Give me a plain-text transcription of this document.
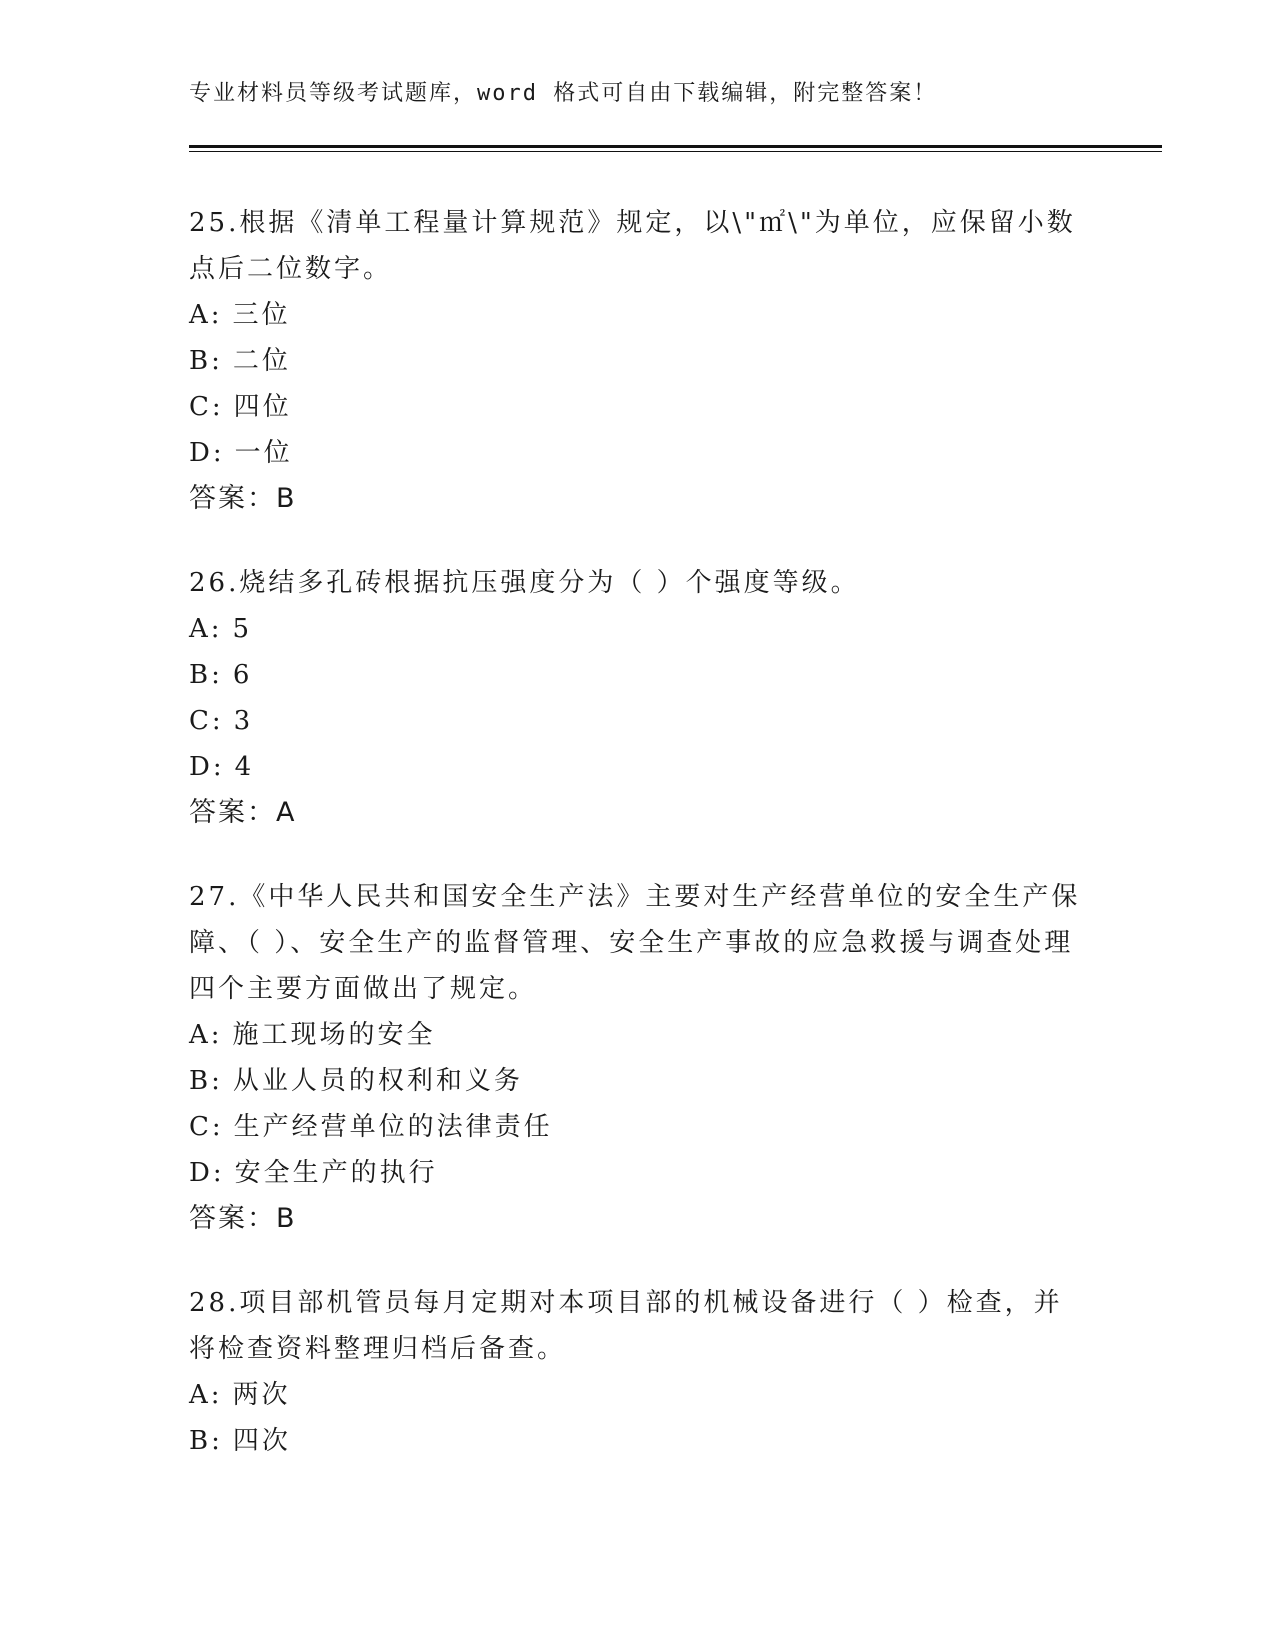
专业材料员等级考试题库，word 格式可自由下载编辑，附完整答案！
25.根据《清单工程量计算规范》规定，以\"㎡\"为单位，应保留小数点后二位数字。
A: 三位
B: 二位
C: 四位
D: 一位
答案：B
26.烧结多孔砖根据抗压强度分为（ ）个强度等级。
A: 5
B: 6
C: 3
D: 4
答案：A
27.《中华人民共和国安全生产法》主要对生产经营单位的安全生产保障、（ ）、安全生产的监督管理、安全生产事故的应急救援与调查处理四个主要方面做出了规定。
A: 施工现场的安全
B: 从业人员的权利和义务
C: 生产经营单位的法律责任
D: 安全生产的执行
答案：B
28.项目部机管员每月定期对本项目部的机械设备进行（ ）检查，并将检查资料整理归档后备查。
A: 两次
B: 四次
